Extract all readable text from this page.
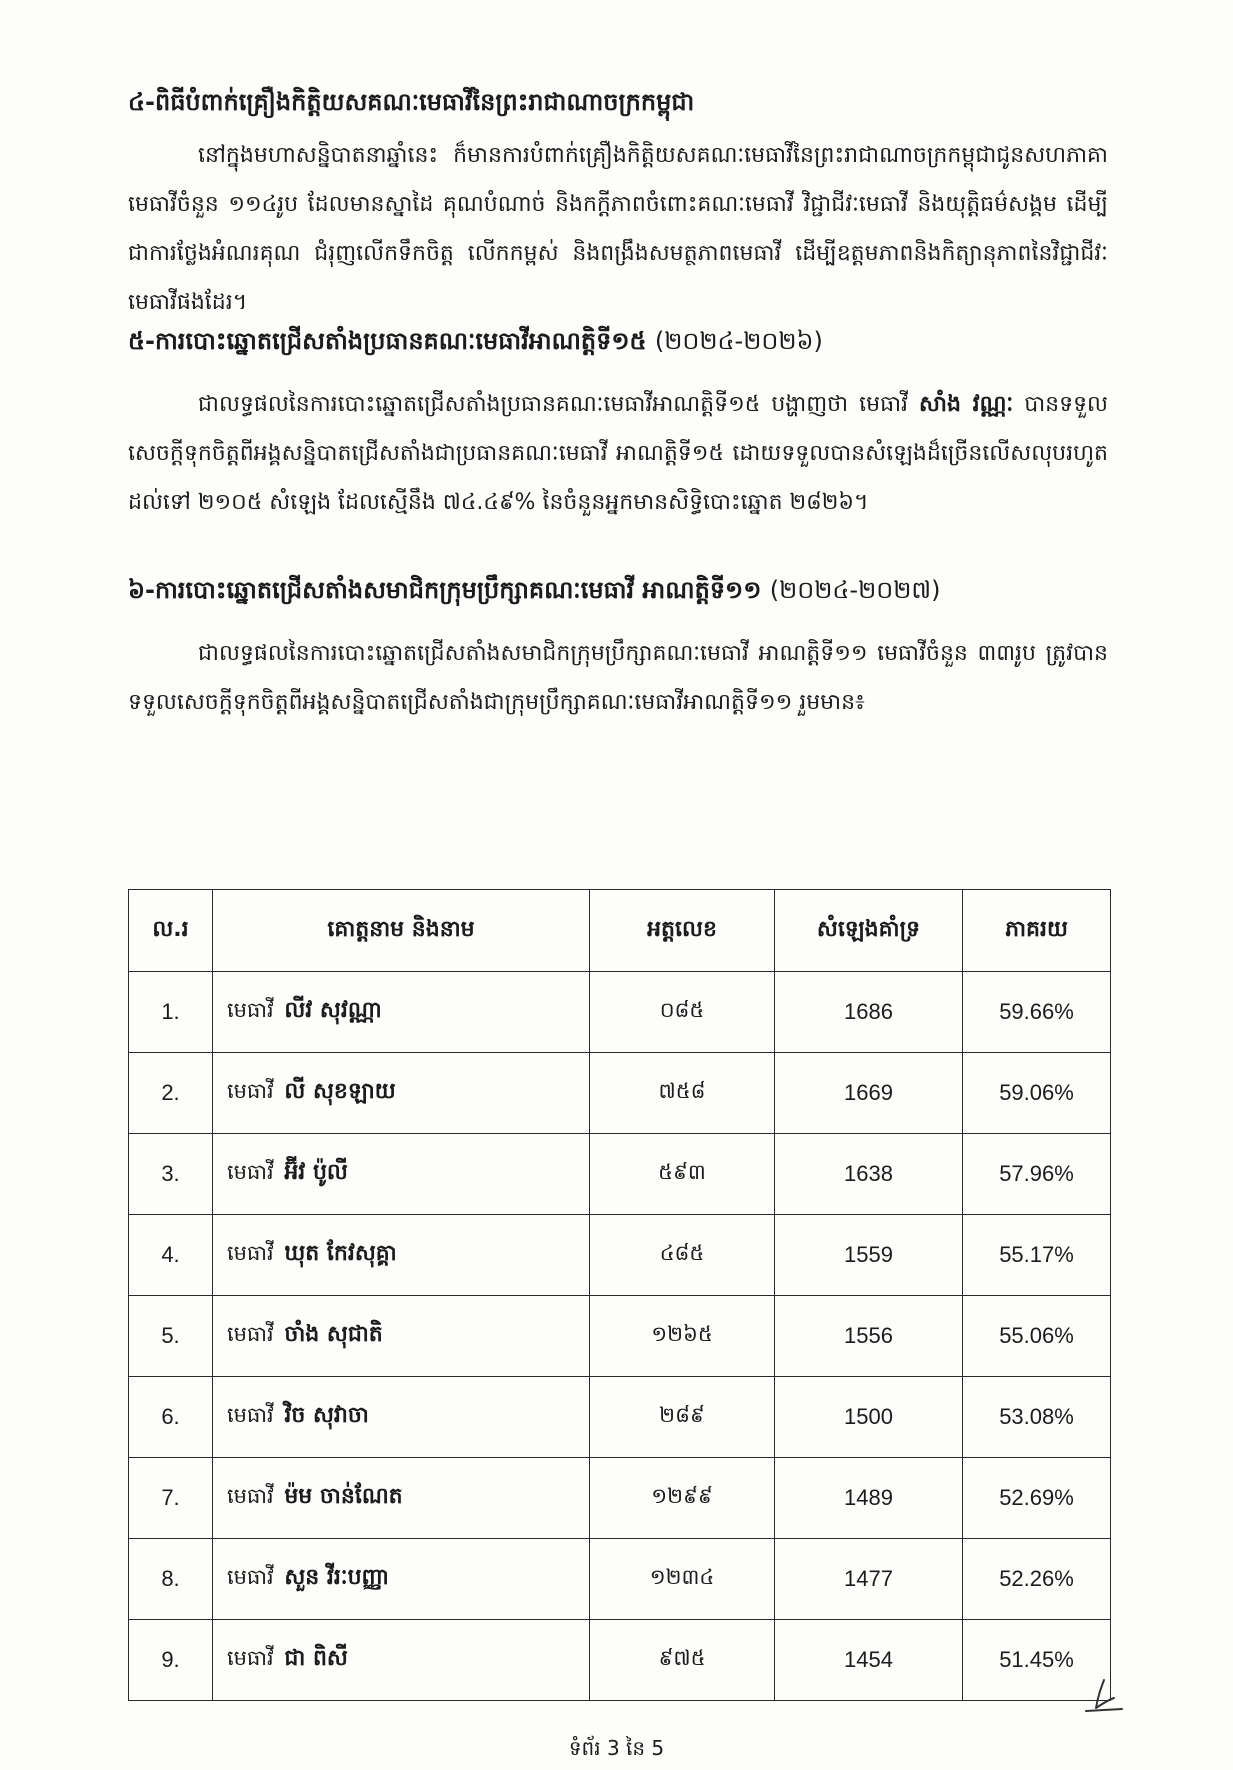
៤-ពិធីបំពាក់គ្រឿងកិត្តិយសគណៈមេធាវីនៃព្រះរាជាណាចក្រកម្ពុជា
នៅក្នុងមហាសន្និបាតនាឆ្នាំនេះ ក៏មានការបំពាក់គ្រឿងកិត្តិយសគណៈមេធាវីនៃព្រះរាជាណាចក្រកម្ពុជាជូនសហភាគាមេធាវីចំនួន ១១៤រូប ដែលមានស្នាដៃ គុណបំណាច់ និងកក្តីភាពចំពោះគណៈមេធាវី វិជ្ជាជីវៈមេធាវី និងយុត្តិធម៌សង្គម ដើម្បីជាការថ្លែងអំណរគុណ ជំរុញលើកទឹកចិត្ត លើកកម្ពស់ និងពង្រឹងសមត្ថភាពមេធាវី ដើម្បីឧត្តមភាពនិងកិត្យានុភាពនៃវិជ្ជាជីវៈមេធាវីផងដែរ។
៥-ការបោះឆ្នោតជ្រើសតាំងប្រធានគណៈមេធាវីអាណត្តិទី១៥ (២០២៤-២០២៦)
ជាលទ្ធផលនៃការបោះឆ្នោតជ្រើសតាំងប្រធានគណៈមេធាវីអាណត្តិទី១៥ បង្ហាញថា មេធាវី សាំង វណ្ណៈ បានទទួលសេចក្ដីទុកចិត្តពីអង្គសន្និបាតជ្រើសតាំងជាប្រធានគណៈមេធាវី អាណត្តិទី១៥ ដោយទទួលបានសំឡេងដ៏ច្រើនលើសលុបរហូតដល់ទៅ ២១០៥ សំឡេង ដែលស្មើនឹង ៧៤.៤៩% នៃចំនួនអ្នកមានសិទ្ធិបោះឆ្នោត ២៨២៦។
៦-ការបោះឆ្នោតជ្រើសតាំងសមាជិកក្រុមប្រឹក្សាគណៈមេធាវី អាណត្តិទី១១ (២០២៤-២០២៧)
ជាលទ្ធផលនៃការបោះឆ្នោតជ្រើសតាំងសមាជិកក្រុមប្រឹក្សាគណៈមេធាវី អាណត្តិទី១១ មេធាវីចំនួន ៣៣រូប ត្រូវបានទទួលសេចក្ដីទុកចិត្តពីអង្គសន្និបាតជ្រើសតាំងជាក្រុមប្រឹក្សាគណៈមេធាវីអាណត្តិទី១១ រួមមាន៖
ល.រ	គោត្តនាម និងនាម	អត្តលេខ	សំឡេងគាំទ្រ	ភាគរយ
1.	មេធាវី លីវ សុវណ្ណា	០៨៥	1686	59.66%
2.	មេធាវី លី សុខឡាយ	៧៥៨	1669	59.06%
3.	មេធាវី អ៊ីវ ប៉ូលី	៥៩៣	1638	57.96%
4.	មេធាវី ឃុត កែវសុគ្គា	៤៨៥	1559	55.17%
5.	មេធាវី ចាំង សុជាតិ	១២៦៥	1556	55.06%
6.	មេធាវី វិច សុវាចា	២៨៩	1500	53.08%
7.	មេធាវី ម៉ម ចាន់ណែត	១២៩៩	1489	52.69%
8.	មេធាវី សួន វីរៈបញ្ញា	១២៣៤	1477	52.26%
9.	មេធាវី ជា ពិសី	៩៧៥	1454	51.45%
ទំព័រ 3 នៃ 5
